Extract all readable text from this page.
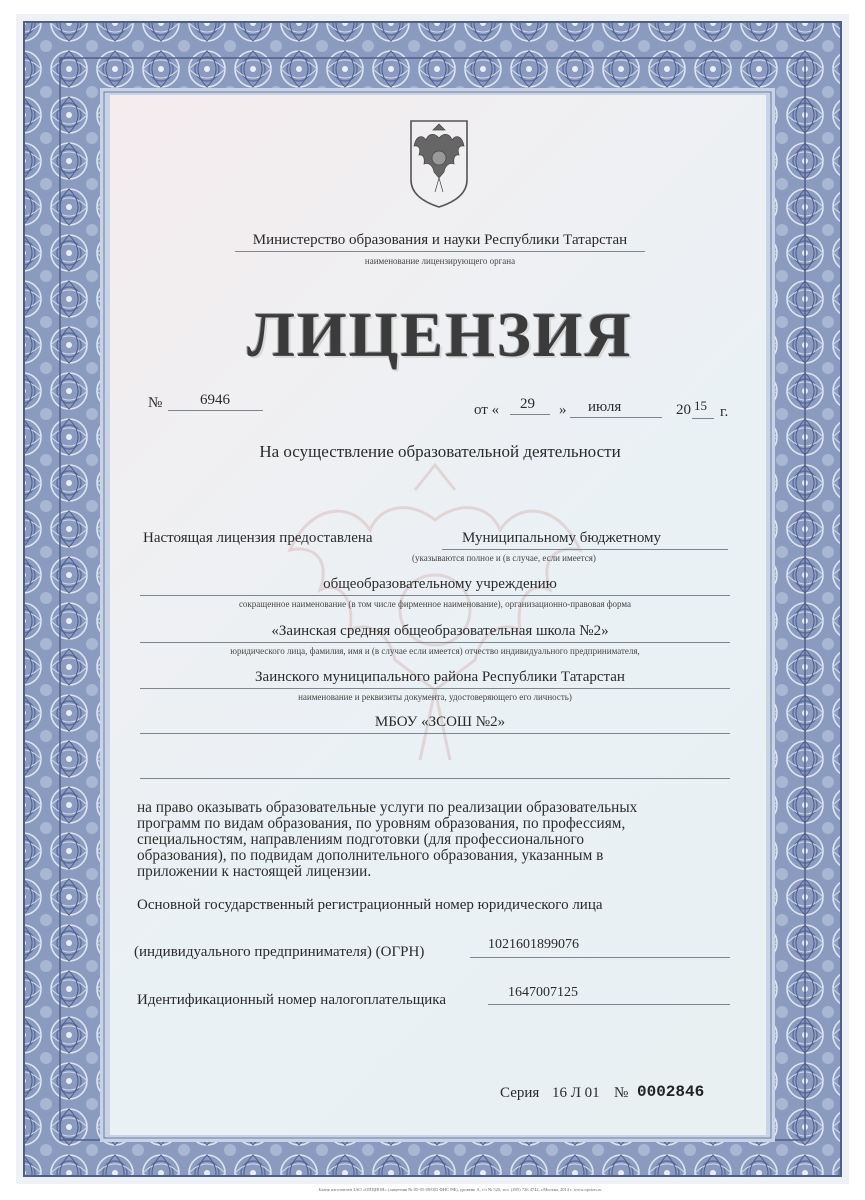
Министерство образования и науки Республики Татарстан
наименование лицензирующего органа
ЛИЦЕНЗИЯ
№	6946
от « 29 » июля	20 15 г.
На осуществление образовательной деятельности
Настоящая лицензия предоставлена	Муниципальному бюджетному
(указываются полное и (в случае, если имеется)
общеобразовательному учреждению
сокращенное наименование (в том числе фирменное наименование), организационно-правовая форма
«Заинская средняя общеобразовательная школа №2»
юридического лица, фамилия, имя и (в случае если имеется) отчество индивидуального предпринимателя,
Заинского муниципального района Республики Татарстан
наименование и реквизиты документа, удостоверяющего его личность)
МБОУ «ЗСОШ №2»
на право оказывать образовательные услуги по реализации образовательных
программ по видам образования, по уровням образования, по профессиям,
специальностям, направлениям подготовки (для профессионального
образования), по подвидам дополнительного образования, указанным в
приложении к настоящей лицензии.
Основной государственный регистрационный номер юридического лица
(индивидуального предпринимателя) (ОГРН)	1021601899076
Идентификационный номер налогоплательщика	1647007125
Серия 16 Л 01 № 0002846
Бланк изготовлен ЗАО «ОПЦИОН» (лицензия № 05-05-09/003 ФНС РФ), уровень А, т/з № 520, тел. (495) 726 4742, г.Москва, 2014 г. www.opcion.ru
